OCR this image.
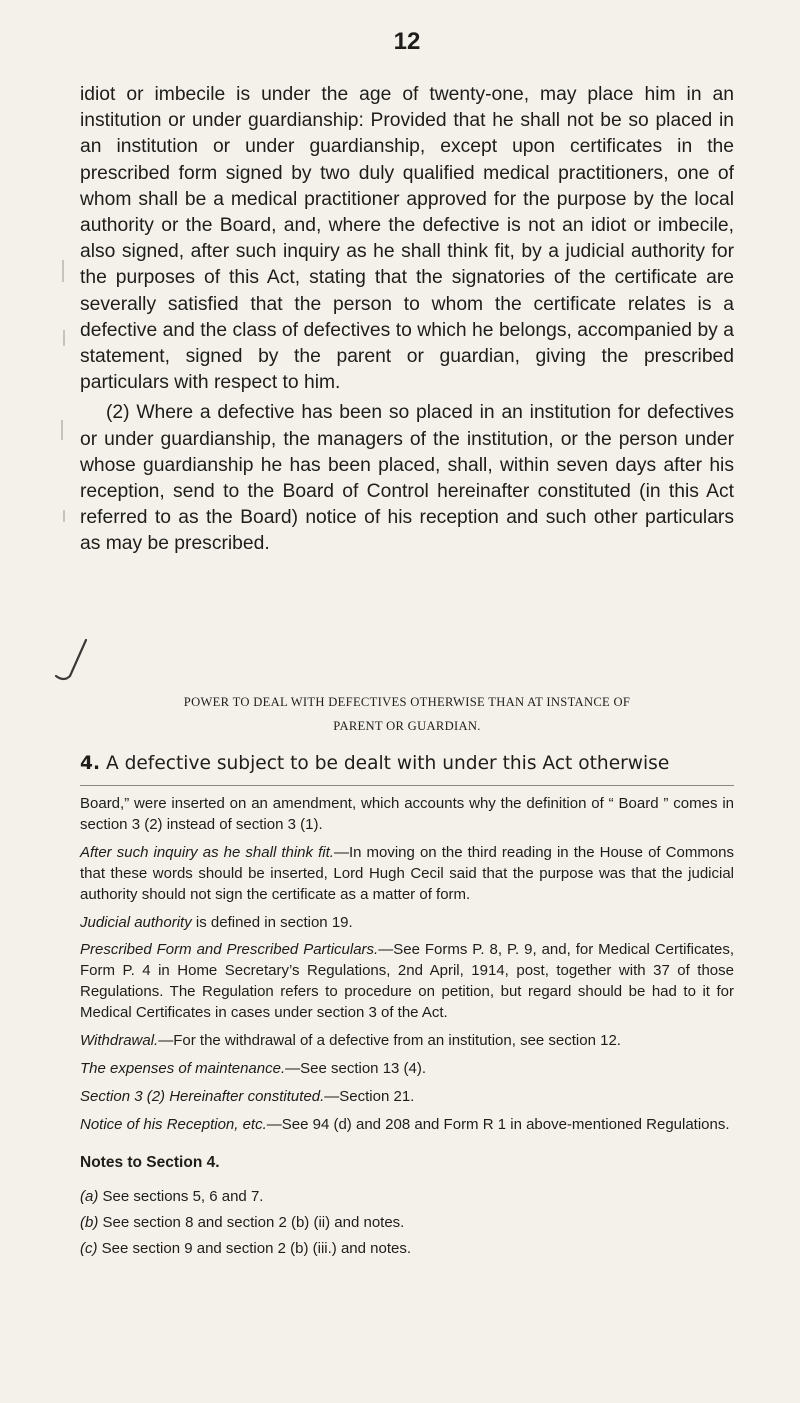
12

idiot or imbecile is under the age of twenty-one, may place him in an institution or under guardianship: Provided that he shall not be so placed in an institution or under guardianship, except upon certificates in the prescribed form signed by two duly qualified medical practitioners, one of whom shall be a medical practitioner approved for the purpose by the local authority or the Board, and, where the defective is not an idiot or imbecile, also signed, after such inquiry as he shall think fit, by a judicial authority for the purposes of this Act, stating that the signatories of the certificate are severally satisfied that the person to whom the certificate relates is a defective and the class of defectives to which he belongs, accompanied by a statement, signed by the parent or guardian, giving the prescribed particulars with respect to him.

(2) Where a defective has been so placed in an institution for defectives or under guardianship, the managers of the institution, or the person under whose guardianship he has been placed, shall, within seven days after his reception, send to the Board of Control hereinafter constituted (in this Act referred to as the Board) notice of his reception and such other particulars as may be prescribed.

POWER TO DEAL WITH DEFECTIVES OTHERWISE THAN AT INSTANCE OF
PARENT OR GUARDIAN.
4. A defective subject to be dealt with under this Act otherwise

Board,” were inserted on an amendment, which accounts why the definition of “ Board ” comes in section 3 (2) instead of section 3 (1).

After such inquiry as he shall think fit.—In moving on the third reading in the House of Commons that these words should be inserted, Lord Hugh Cecil said that the purpose was that the judicial authority should not sign the certificate as a matter of form.

Judicial authority is defined in section 19.

Prescribed Form and Prescribed Particulars.—See Forms P. 8, P. 9, and, for Medical Certificates, Form P. 4 in Home Secretary’s Regulations, 2nd April, 1914, post, together with 37 of those Regulations. The Regulation refers to procedure on petition, but regard should be had to it for Medical Certificates in cases under section 3 of the Act.

Withdrawal.—For the withdrawal of a defective from an institution, see section 12.

The expenses of maintenance.—See section 13 (4).

Section 3 (2) Hereinafter constituted.—Section 21.

Notice of his Reception, etc.—See 94 (d) and 208 and Form R 1 in above-mentioned Regulations.

Notes to Section 4.
(a) See sections 5, 6 and 7.
(b) See section 8 and section 2 (b) (ii) and notes.
(c) See section 9 and section 2 (b) (iii.) and notes.
